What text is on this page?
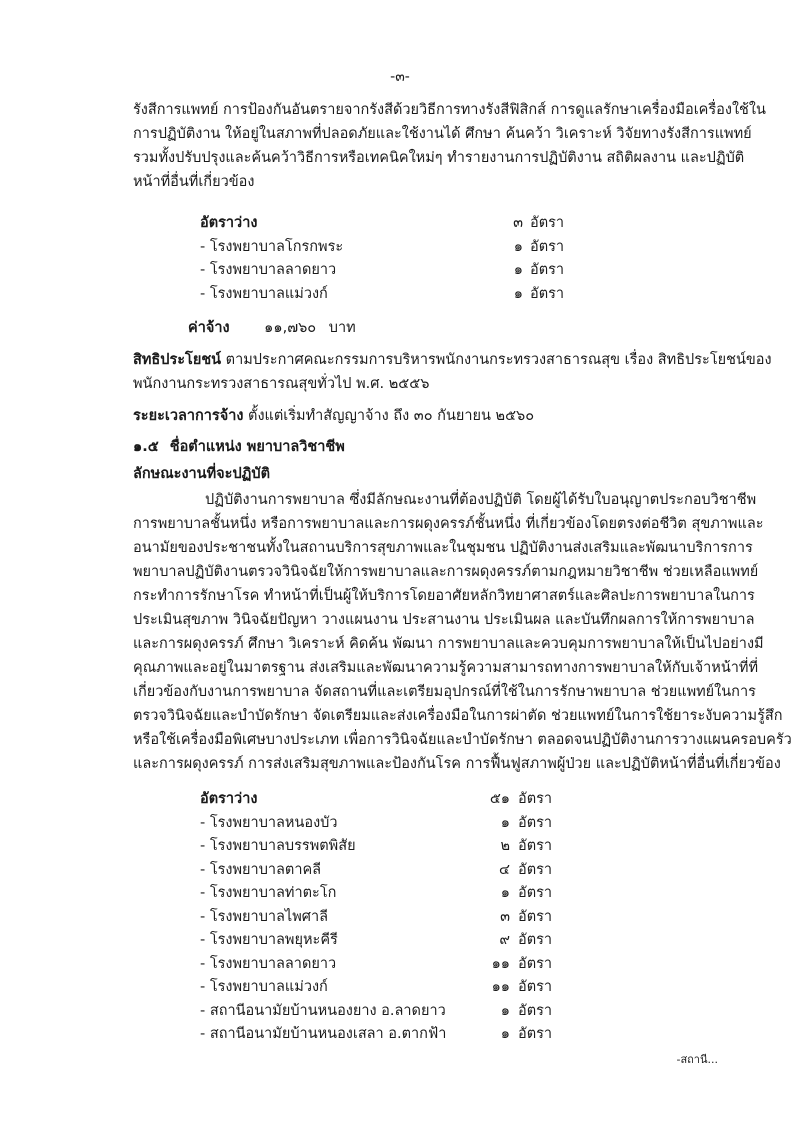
-๓-
รังสีการแพทย์ การป้องกันอันตรายจากรังสีด้วยวิธีการทางรังสีฟิสิกส์ การดูแลรักษาเครื่องมือเครื่องใช้ใน
การปฏิบัติงาน ให้อยู่ในสภาพที่ปลอดภัยและใช้งานได้ ศึกษา ค้นคว้า วิเคราะห์ วิจัยทางรังสีการแพทย์
รวมทั้งปรับปรุงและค้นคว้าวิธีการหรือเทคนิคใหม่ๆ ทำรายงานการปฏิบัติงาน สถิติผลงาน และปฏิบัติ
หน้าที่อื่นที่เกี่ยวข้อง
อัตราว่าง	๓ อัตรา
- โรงพยาบาลโกรกพระ	๑ อัตรา
- โรงพยาบาลลาดยาว	๑ อัตรา
- โรงพยาบาลแม่วงก์	๑ อัตรา
ค่าจ้าง ๑๑,๗๖๐ บาท
สิทธิประโยชน์ ตามประกาศคณะกรรมการบริหารพนักงานกระทรวงสาธารณสุข เรื่อง สิทธิประโยชน์ของ
พนักงานกระทรวงสาธารณสุขทั่วไป พ.ศ. ๒๕๕๖
ระยะเวลาการจ้าง ตั้งแต่เริ่มทำสัญญาจ้าง ถึง ๓๐ กันยายน ๒๕๖๐
๑.๕ ชื่อตำแหน่ง พยาบาลวิชาชีพ
ลักษณะงานที่จะปฏิบัติ
ปฏิบัติงานการพยาบาล ซึ่งมีลักษณะงานที่ต้องปฏิบัติ โดยผู้ได้รับใบอนุญาตประกอบวิชาชีพ
การพยาบาลชั้นหนึ่ง หรือการพยาบาลและการผดุงครรภ์ชั้นหนึ่ง ที่เกี่ยวข้องโดยตรงต่อชีวิต สุขภาพและ
อนามัยของประชาชนทั้งในสถานบริการสุขภาพและในชุมชน ปฏิบัติงานส่งเสริมและพัฒนาบริการการ
พยาบาลปฏิบัติงานตรวจวินิจฉัยให้การพยาบาลและการผดุงครรภ์ตามกฎหมายวิชาชีพ ช่วยเหลือแพทย์
กระทำการรักษาโรค ทำหน้าที่เป็นผู้ให้บริการโดยอาศัยหลักวิทยาศาสตร์และศิลปะการพยาบาลในการ
ประเมินสุขภาพ วินิจฉัยปัญหา วางแผนงาน ประสานงาน ประเมินผล และบันทึกผลการให้การพยาบาล
และการผดุงครรภ์ ศึกษา วิเคราะห์ คิดค้น พัฒนา การพยาบาลและควบคุมการพยาบาลให้เป็นไปอย่างมี
คุณภาพและอยู่ในมาตรฐาน ส่งเสริมและพัฒนาความรู้ความสามารถทางการพยาบาลให้กับเจ้าหน้าที่ที่
เกี่ยวข้องกับงานการพยาบาล จัดสถานที่และเตรียมอุปกรณ์ที่ใช้ในการรักษาพยาบาล ช่วยแพทย์ในการ
ตรวจวินิจฉัยและบำบัดรักษา จัดเตรียมและส่งเครื่องมือในการผ่าตัด ช่วยแพทย์ในการใช้ยาระงับความรู้สึก
หรือใช้เครื่องมือพิเศษบางประเภท เพื่อการวินิจฉัยและบำบัดรักษา ตลอดจนปฏิบัติงานการวางแผนครอบครัว
และการผดุงครรภ์ การส่งเสริมสุขภาพและป้องกันโรค การฟื้นฟูสภาพผู้ป่วย และปฏิบัติหน้าที่อื่นที่เกี่ยวข้อง
อัตราว่าง	๕๑ อัตรา
- โรงพยาบาลหนองบัว	๑ อัตรา
- โรงพยาบาลบรรพตพิสัย	๒ อัตรา
- โรงพยาบาลตาคลี	๔ อัตรา
- โรงพยาบาลท่าตะโก	๑ อัตรา
- โรงพยาบาลไพศาลี	๓ อัตรา
- โรงพยาบาลพยุหะคีรี	๙ อัตรา
- โรงพยาบาลลาดยาว	๑๑ อัตรา
- โรงพยาบาลแม่วงก์	๑๑ อัตรา
- สถานีอนามัยบ้านหนองยาง อ.ลาดยาว	๑ อัตรา
- สถานีอนามัยบ้านหนองเสลา อ.ตากฟ้า	๑ อัตรา
-สถานี...
